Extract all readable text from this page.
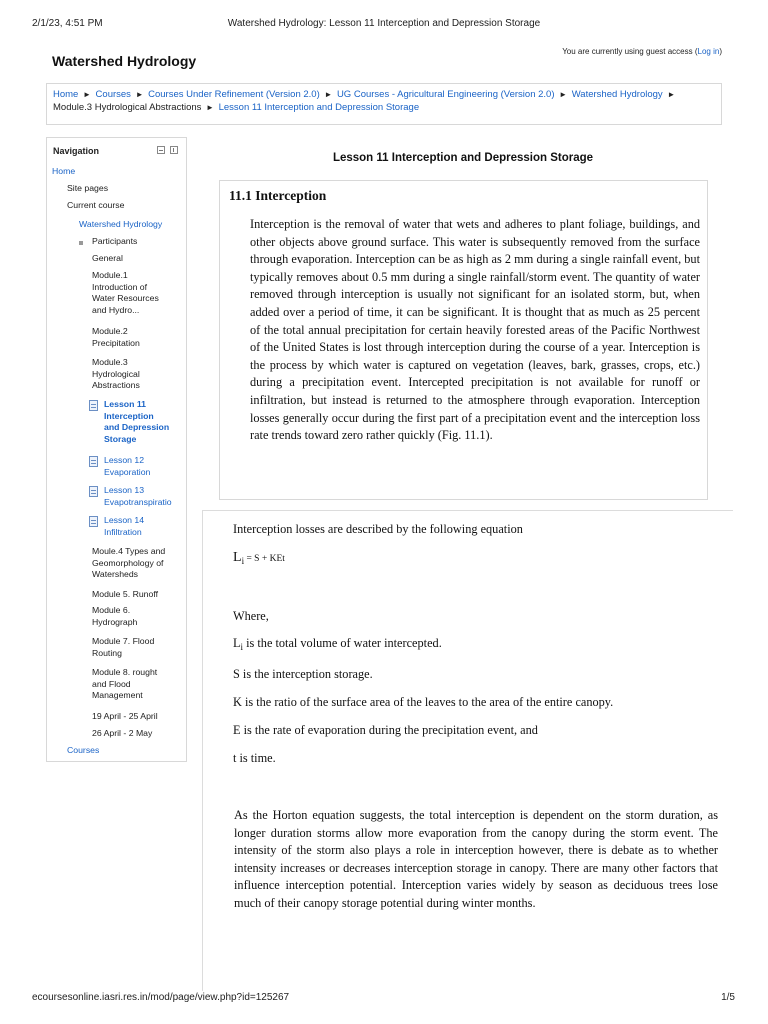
2/1/23, 4:51 PM	Watershed Hydrology: Lesson 11 Interception and Depression Storage
You are currently using guest access (Log in)
Watershed Hydrology
Home ► Courses ► Courses Under Refinement (Version 2.0) ► UG Courses - Agricultural Engineering (Version 2.0) ► Watershed Hydrology ►
Module.3 Hydrological Abstractions ► Lesson 11 Interception and Depression Storage
Navigation
Home
Site pages
Current course
Watershed Hydrology
Participants
General
Module.1
Introduction of
Water Resources
and Hydro...
Module.2
Precipitation
Module.3
Hydrological
Abstractions
Lesson 11
Interception
and Depression
Storage
Lesson 12
Evaporation
Lesson 13
Evapotranspiratio
Lesson 14
Infiltration
Moule.4 Types and
Geomorphology of
Watersheds
Module 5. Runoff
Module 6.
Hydrograph
Module 7. Flood
Routing
Module 8. rought
and Flood
Management
19 April - 25 April
26 April - 2 May
Courses
Lesson 11 Interception and Depression Storage
11.1 Interception

Interception is the removal of water that wets and adheres to plant foliage, buildings, and other objects above ground surface. This water is subsequently removed from the surface through evaporation. Interception can be as high as 2 mm during a single rainfall event, but typically removes about 0.5 mm during a single rainfall/storm event. The quantity of water removed through interception is usually not significant for an isolated storm, but, when added over a period of time, it can be significant. It is thought that as much as 25 percent of the total annual precipitation for certain heavily forested areas of the Pacific Northwest of the United States is lost through interception during the course of a year. Interception is the process by which water is captured on vegetation (leaves, bark, grasses, crops, etc.) during a precipitation event. Intercepted precipitation is not available for runoff or infiltration, but instead is returned to the atmosphere through evaporation. Interception losses generally occur during the first part of a precipitation event and the interception loss rate trends toward zero rather quickly (Fig. 11.1).

Interception losses are described by the following equation
$L_i = S$ + KEt
Where,
$L_i$ is the total volume of water intercepted.
S is the interception storage.
K is the ratio of the surface area of the leaves to the area of the entire canopy.
E is the rate of evaporation during the precipitation event, and
t is time.
As the Horton equation suggests, the total interception is dependent on the storm duration, as longer duration storms allow more evaporation from the canopy during the storm event. The intensity of the storm also plays a role in interception however, there is debate as to whether intensity increases or decreases interception storage in canopy. There are many other factors that influence interception potential. Interception varies widely by season as deciduous trees lose much of their canopy storage potential during winter months.
ecoursesonline.iasri.res.in/mod/page/view.php?id=125267	1/5
